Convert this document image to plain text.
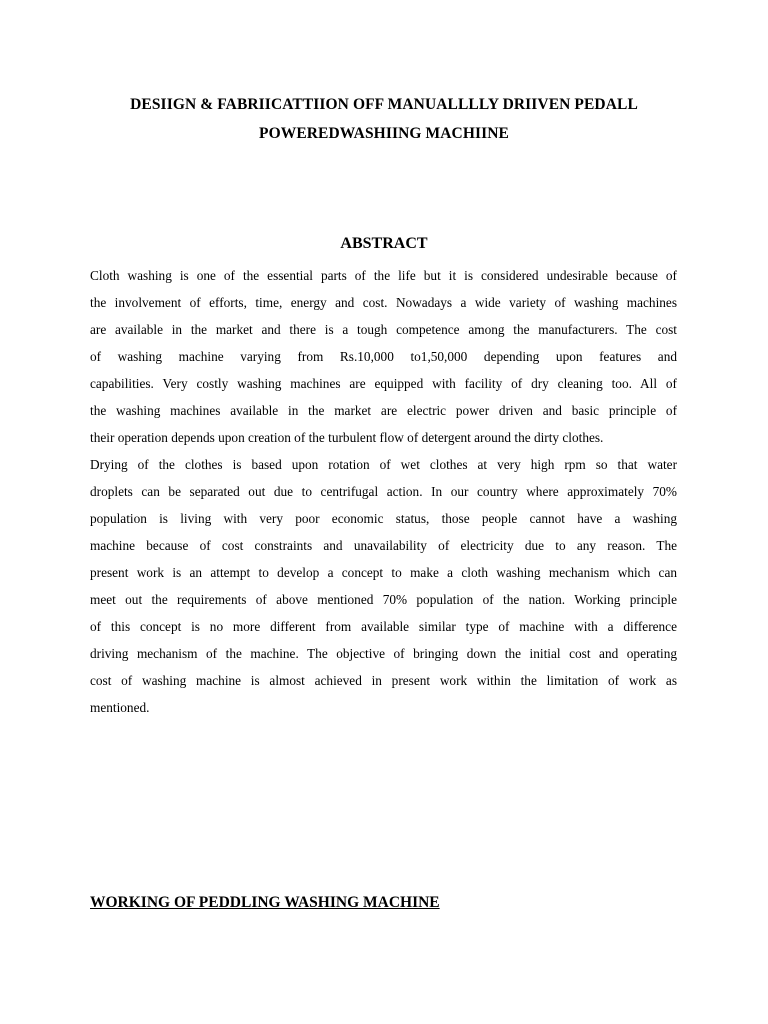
DESIIGN & FABRIICATTIION OFF MANUALLLLY DRIIVEN PEDALL
POWEREDWASHIING MACHIINE
ABSTRACT
Cloth washing is one of the essential parts of the life but it is considered undesirable because of
the involvement of efforts, time, energy and cost. Nowadays a wide variety of washing machines
are available in the market and there is a tough competence among the manufacturers. The cost
of washing machine varying from Rs.10,000 to1,50,000 depending upon features and
capabilities. Very costly washing machines are equipped with facility of dry cleaning too. All of
the washing machines available in the market are electric power driven and basic principle of
their operation depends upon creation of the turbulent flow of detergent around the dirty clothes.
Drying of the clothes is based upon rotation of wet clothes at very high rpm so that water
droplets can be separated out due to centrifugal action. In our country where approximately 70%
population is living with very poor economic status, those people cannot have a washing
machine because of cost constraints and unavailability of electricity due to any reason. The
present work is an attempt to develop a concept to make a cloth washing mechanism which can
meet out the requirements of above mentioned 70% population of the nation. Working principle
of this concept is no more different from available similar type of machine with a difference
driving mechanism of the machine. The objective of bringing down the initial cost and operating
cost of washing machine is almost achieved in present work within the limitation of work as
mentioned.
WORKING OF PEDDLING WASHING MACHINE
